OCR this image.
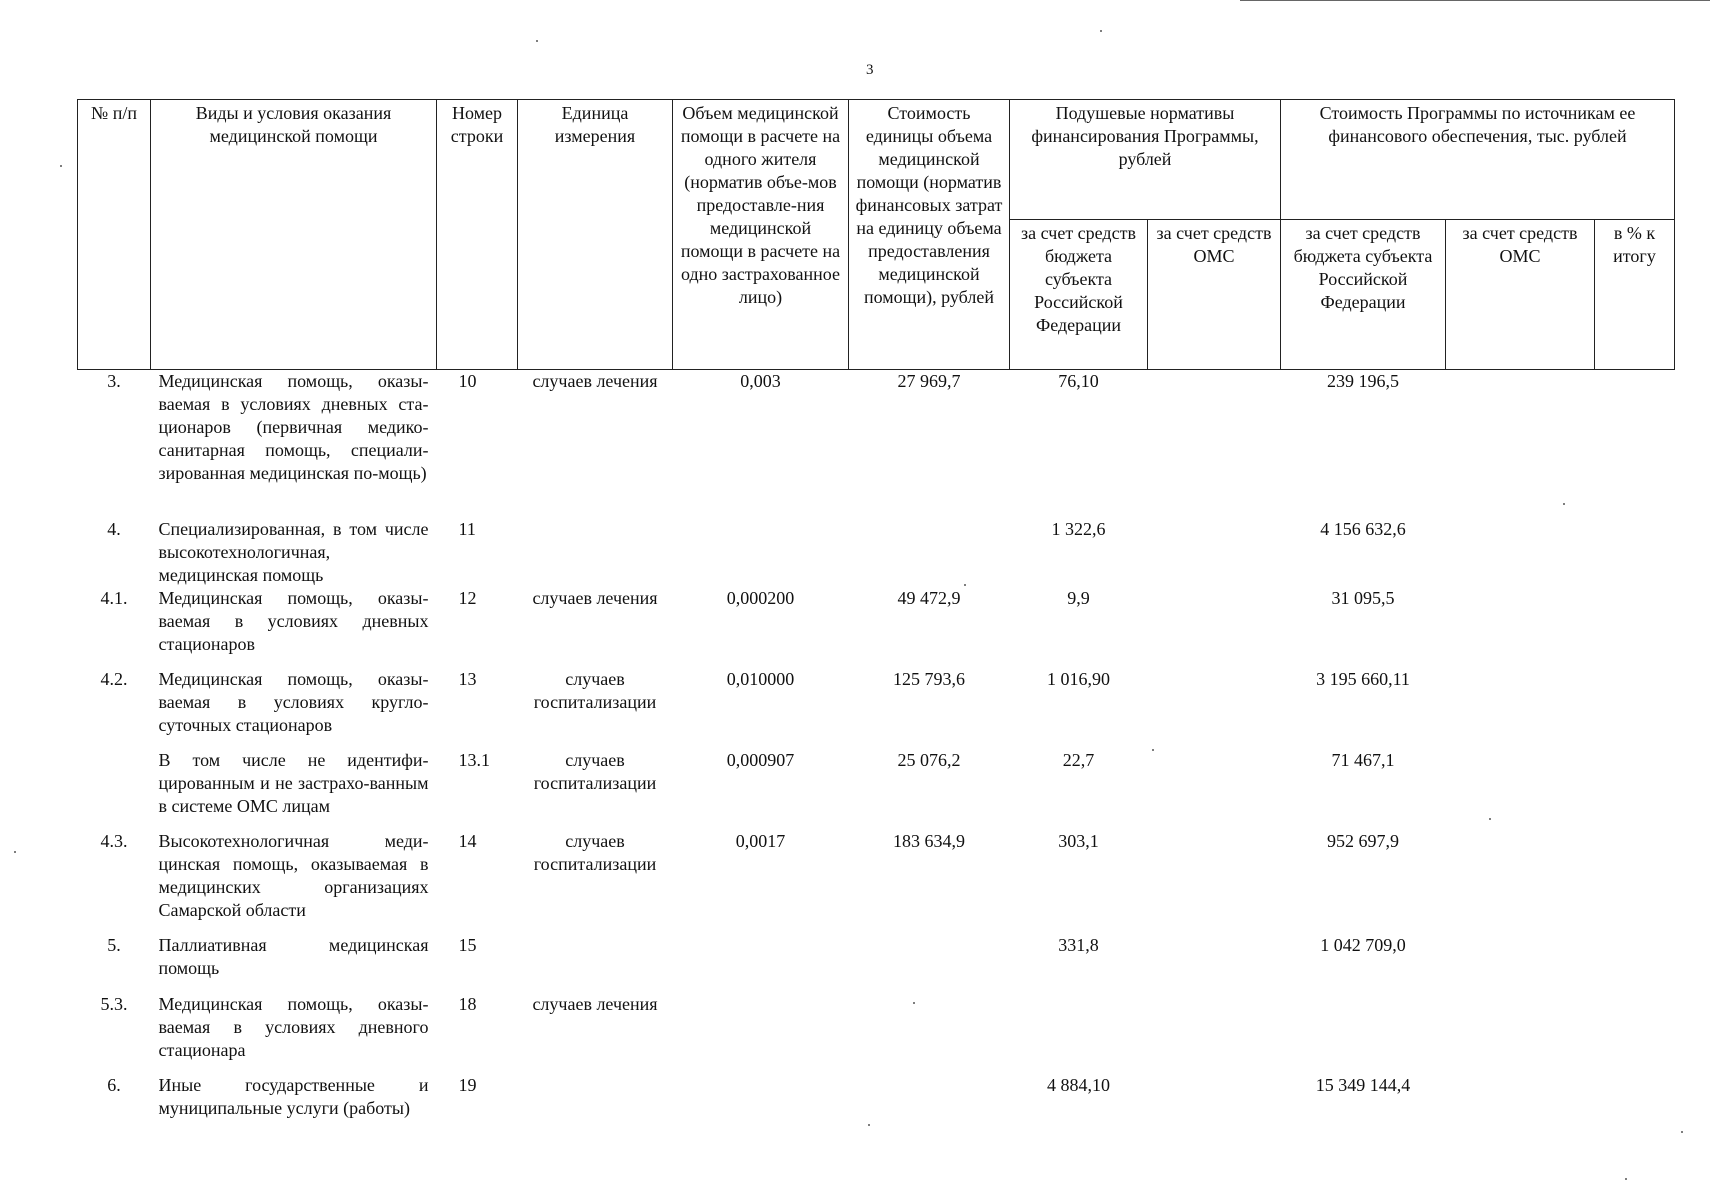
3
№ п/п	Виды и условия оказания медицинской помощи	Номер строки	Единица измерения	Объем медицинской помощи в расчете на одного жителя (норматив объе-мов предоставле-ния медицинской помощи в расчете на одно застрахованное лицо)	Стоимость единицы объема медицинской помощи (норматив финансовых затрат на единицу объема предоставления медицинской помощи), рублей	Подушевые нормативы финансирования Программы, рублей		Стоимость Программы по источникам ее финансового обеспечения, тыс. рублей		
						за счет средств бюджета субъекта Российской Федерации	за счет средств ОМС	за счет средств бюджета субъекта Российской Федерации	за счет средств ОМС	в % к итогу
3.	Медицинская помощь, оказы-ваемая в условиях дневных ста-ционаров (первичная медико-санитарная помощь, специали-зированная медицинская по-мощь)	10	случаев лечения	0,003	27 969,7	76,10		239 196,5		
4.	Специализированная, в том числе высокотехнологичная, медицинская помощь	11				1 322,6		4 156 632,6		
4.1.	Медицинская помощь, оказы-ваемая в условиях дневных стационаров	12	случаев лечения	0,000200	49 472,9	9,9		31 095,5		
4.2.	Медицинская помощь, оказы-ваемая в условиях кругло-суточных стационаров	13	случаев госпитализации	0,010000	125 793,6	1 016,90		3 195 660,11		
	В том числе не идентифи-цированным и не застрахо-ванным в системе ОМС лицам	13.1	случаев госпитализации	0,000907	25 076,2	22,7		71 467,1		
4.3.	Высокотехнологичная меди-цинская помощь, оказываемая в медицинских организациях Самарской области	14	случаев госпитализации	0,0017	183 634,9	303,1		952 697,9		
5.	Паллиативная медицинская помощь	15				331,8		1 042 709,0		
5.3.	Медицинская помощь, оказы-ваемая в условиях дневного стационара	18	случаев лечения							
6.	Иные государственные и муниципальные услуги (работы)	19				4 884,10		15 349 144,4		
